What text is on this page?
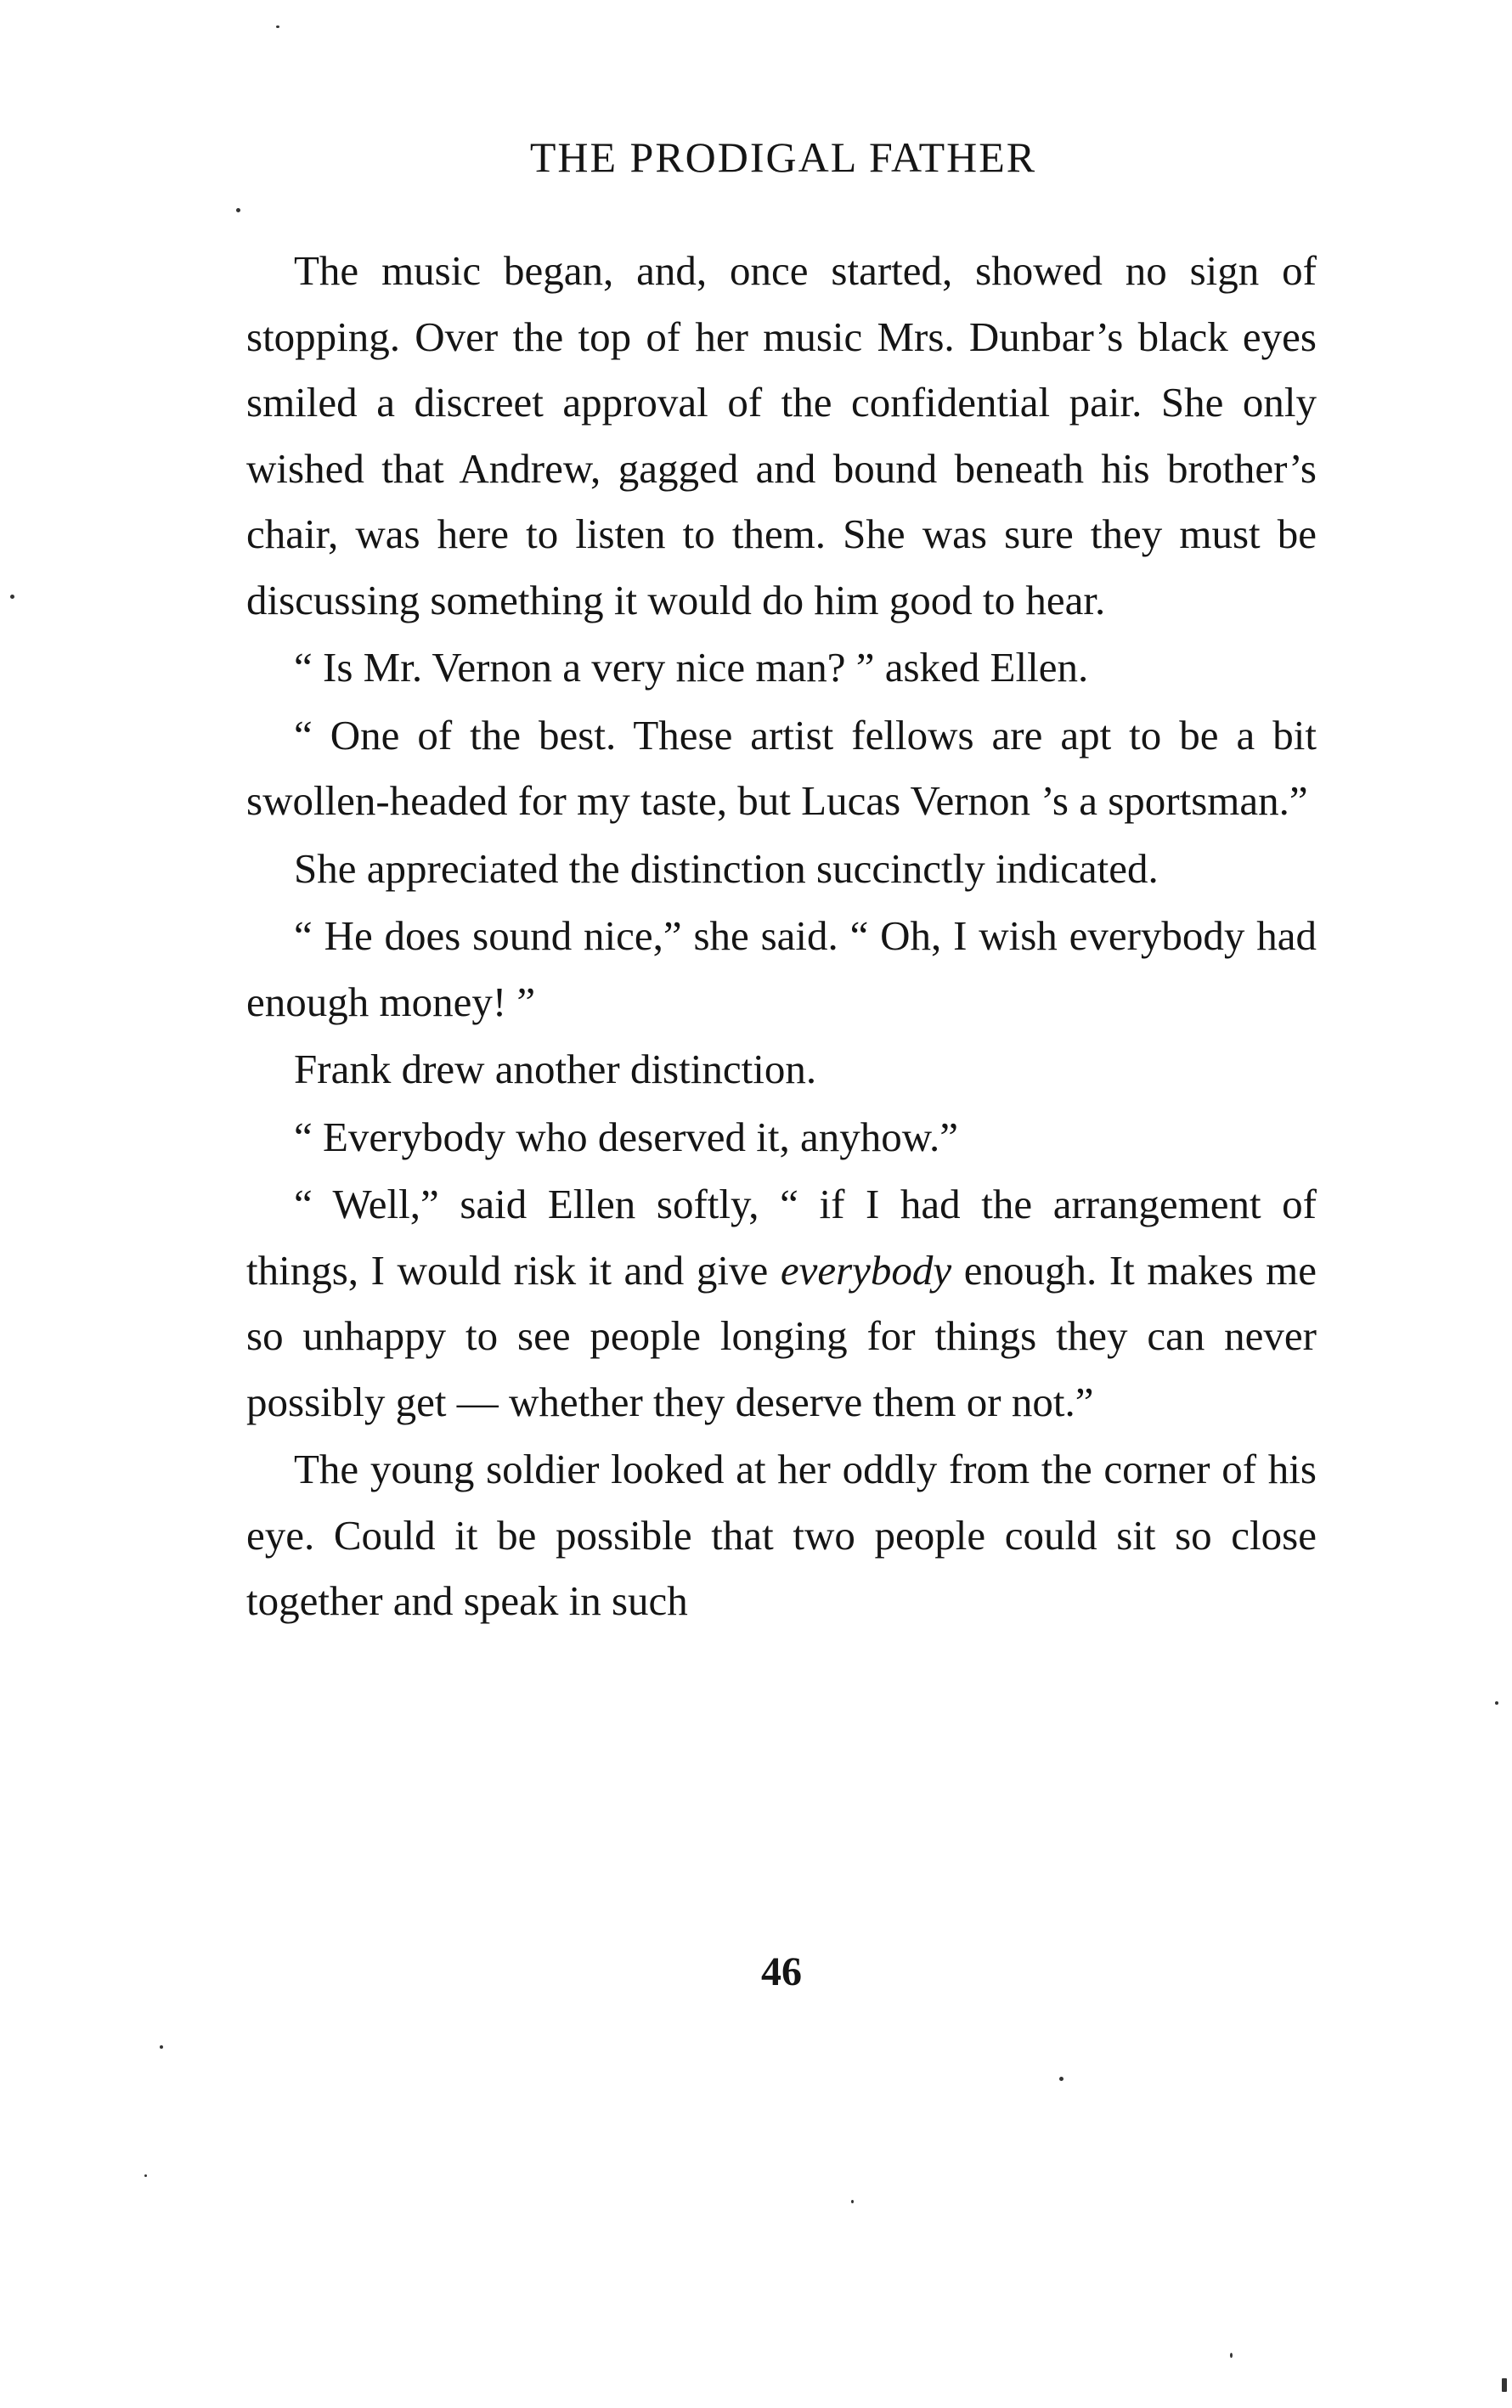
THE PRODIGAL FATHER

The music began, and, once started, showed no sign of stopping. Over the top of her music Mrs. Dunbar’s black eyes smiled a discreet approval of the confidential pair. She only wished that Andrew, gagged and bound beneath his brother’s chair, was here to listen to them. She was sure they must be discussing something it would do him good to hear.

“ Is Mr. Vernon a very nice man? ” asked Ellen.

“ One of the best. These artist fellows are apt to be a bit swollen-headed for my taste, but Lucas Vernon ’s a sportsman.”

She appreciated the distinction succinctly indicated.

“ He does sound nice,” she said. “ Oh, I wish everybody had enough money! ”

Frank drew another distinction.

“ Everybody who deserved it, anyhow.”

“ Well,” said Ellen softly, “ if I had the arrangement of things, I would risk it and give everybody enough. It makes me so unhappy to see people longing for things they can never possibly get — whether they deserve them or not.”

The young soldier looked at her oddly from the corner of his eye. Could it be possible that two people could sit so close together and speak in such

46
